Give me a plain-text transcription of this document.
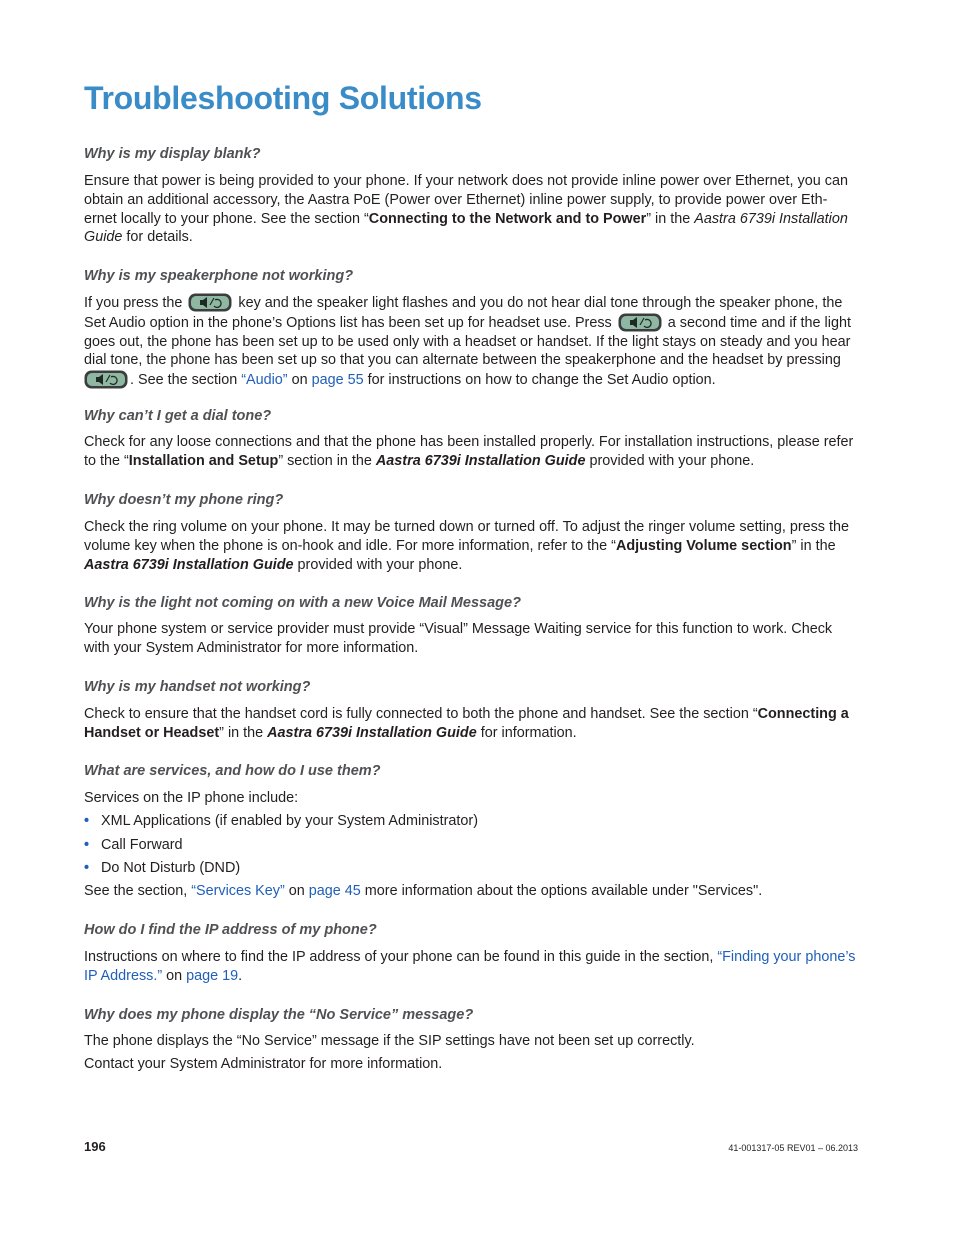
Troubleshooting Solutions
Why is my display blank?

Ensure that power is being provided to your phone. If your network does not provide inline power over Ethernet, you can obtain an additional accessory, the Aastra PoE (Power over Ethernet) inline power supply, to provide power over Eth-ernet locally to your phone. See the section “Connecting to the Network and to Power” in the Aastra 6739i Installation Guide for details.

Why is my speakerphone not working?

If you press the	key and the speaker light flashes and you do not hear dial tone through the speaker phone, the Set Audio option in the phone’s Options list has been set up for headset use. Press	a second time and if the light goes out, the phone has been set up to be used only with a headset or handset. If the light stays on steady and you hear dial tone, the phone has been set up so that you can alternate between the speakerphone and the headset by pressing
. See the section “Audio” on page 55 for instructions on how to change the Set Audio option.

Why can’t I get a dial tone?

Check for any loose connections and that the phone has been installed properly. For installation instructions, please refer to the “Installation and Setup” section in the Aastra 6739i Installation Guide provided with your phone.

Why doesn’t my phone ring?

Check the ring volume on your phone. It may be turned down or turned off. To adjust the ringer volume setting, press the volume key when the phone is on-hook and idle. For more information, refer to the “Adjusting Volume section” in the Aastra 6739i Installation Guide provided with your phone.

Why is the light not coming on with a new Voice Mail Message?

Your phone system or service provider must provide “Visual” Message Waiting service for this function to work. Check with your System Administrator for more information.

Why is my handset not working?

Check to ensure that the handset cord is fully connected to both the phone and handset. See the section “Connecting a Handset or Headset” in the Aastra 6739i Installation Guide for information.

What are services, and how do I use them?

Services on the IP phone include:

• XML Applications (if enabled by your System Administrator)
• Call Forward
• Do Not Disturb (DND)

See the section, “Services Key” on page 45 more information about the options available under "Services".

How do I find the IP address of my phone?

Instructions on where to find the IP address of your phone can be found in this guide in the section, “Finding your phone’s IP Address.” on page 19.

Why does my phone display the “No Service” message?

The phone displays the “No Service” message if the SIP settings have not been set up correctly.

Contact your System Administrator for more information.

196	41-001317-05 REV01 – 06.2013
